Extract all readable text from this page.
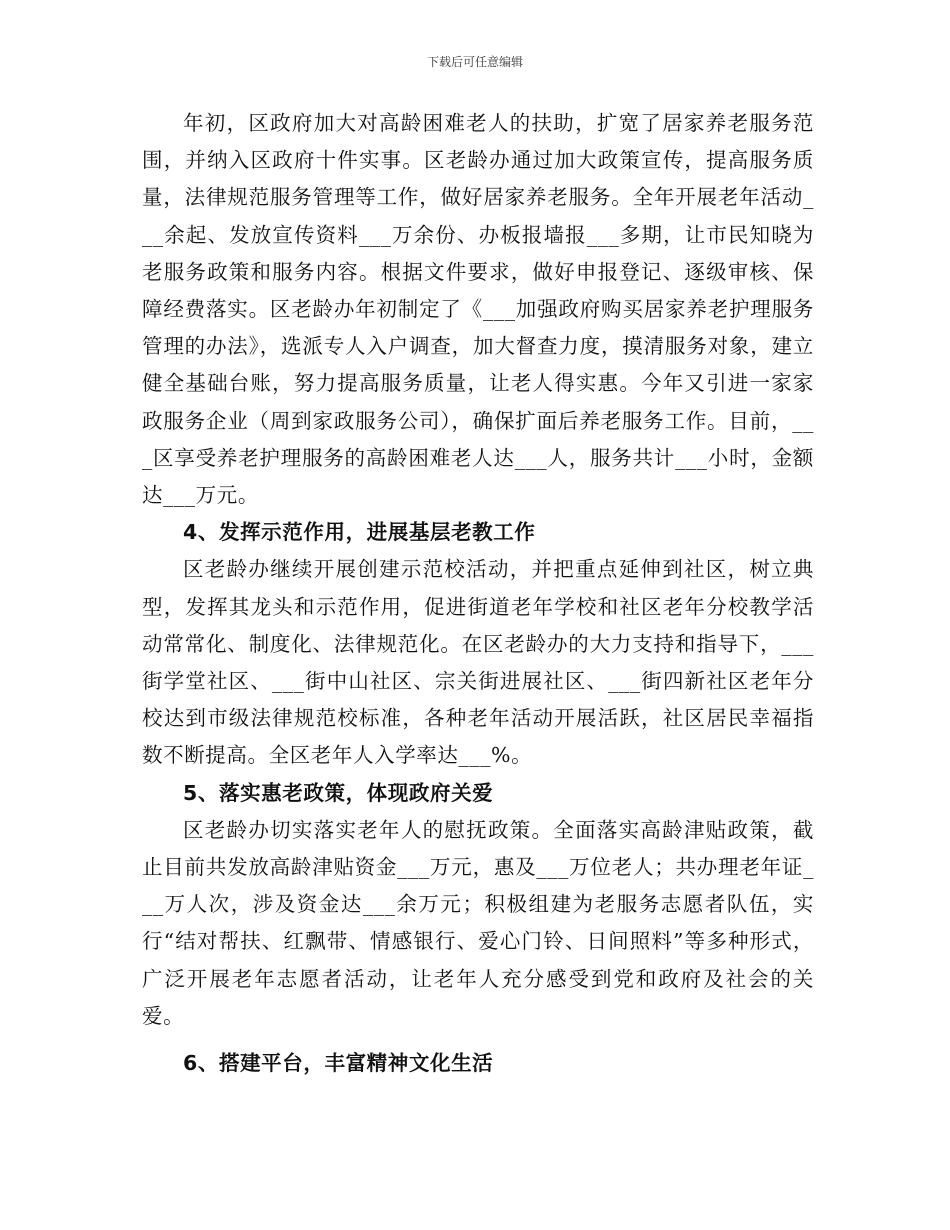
下载后可任意编辑

年初，区政府加大对高龄困难老人的扶助，扩宽了居家养老服务范围，并纳入区政府十件实事。区老龄办通过加大政策宣传，提高服务质量，法律规范服务管理等工作，做好居家养老服务。全年开展老年活动___余起、发放宣传资料___万余份、办板报墙报___多期，让市民知晓为老服务政策和服务内容。根据文件要求，做好申报登记、逐级审核、保障经费落实。区老龄办年初制定了《___加强政府购买居家养老护理服务管理的办法》，选派专人入户调查，加大督查力度，摸清服务对象，建立健全基础台账，努力提高服务质量，让老人得实惠。今年又引进一家家政服务企业（周到家政服务公司），确保扩面后养老服务工作。目前，___区享受养老护理服务的高龄困难老人达___人，服务共计___小时，金额达___万元。

4、发挥示范作用，进展基层老教工作

区老龄办继续开展创建示范校活动，并把重点延伸到社区，树立典型，发挥其龙头和示范作用，促进街道老年学校和社区老年分校教学活动常常化、制度化、法律规范化。在区老龄办的大力支持和指导下，___街学堂社区、___街中山社区、宗关街进展社区、___街四新社区老年分校达到市级法律规范校标准，各种老年活动开展活跃，社区居民幸福指数不断提高。全区老年人入学率达___%。

5、落实惠老政策，体现政府关爱

区老龄办切实落实老年人的慰抚政策。全面落实高龄津贴政策，截止目前共发放高龄津贴资金___万元，惠及___万位老人；共办理老年证___万人次，涉及资金达___余万元；积极组建为老服务志愿者队伍，实行“结对帮扶、红飘带、情感银行、爱心门铃、日间照料”等多种形式，广泛开展老年志愿者活动，让老年人充分感受到党和政府及社会的关爱。

6、搭建平台，丰富精神文化生活
